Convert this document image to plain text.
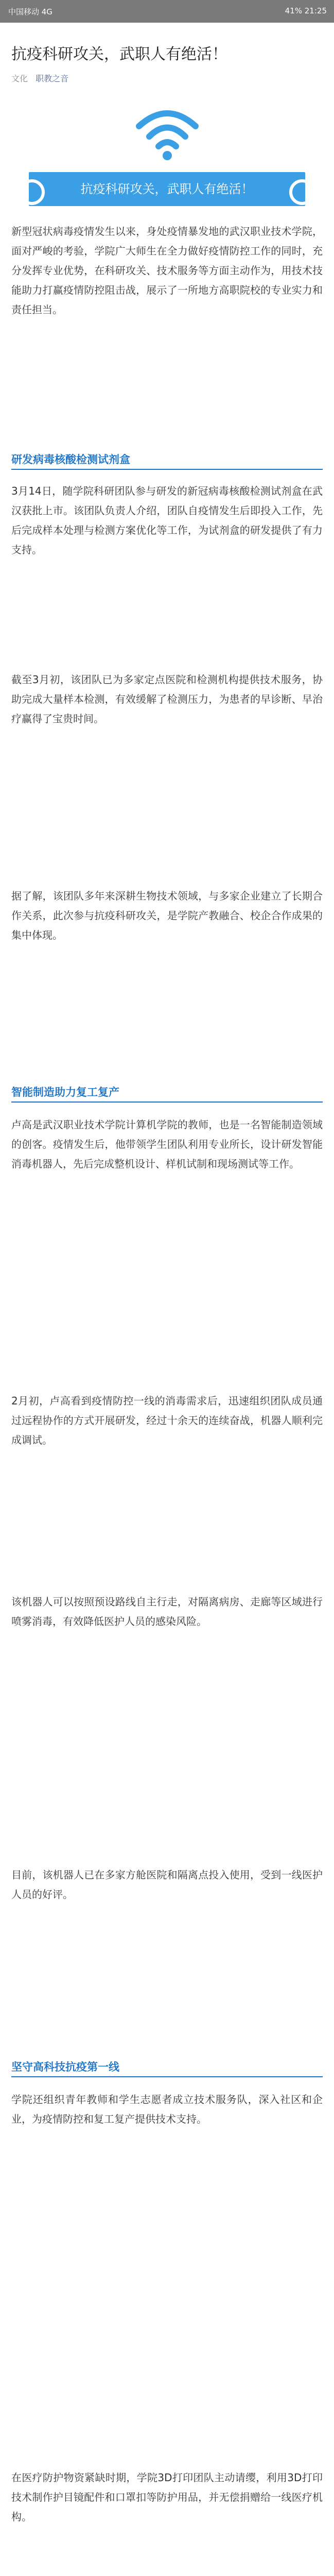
中国移动 4G	41% 21:25
抗疫科研攻关，武职人有绝活！
文化 职教之音
抗疫科研攻关，武职人有绝活！

新型冠状病毒疫情发生以来，身处疫情暴发地的武汉职业技术学院，面对严峻的考验，学院广大师生在全力做好疫情防控工作的同时，充分发挥专业优势，在科研攻关、技术服务等方面主动作为，用技术技能助力打赢疫情防控阻击战，展示了一所地方高职院校的专业实力和责任担当。

研发病毒核酸检测试剂盒

3月14日，随学院科研团队参与研发的新冠病毒核酸检测试剂盒在武汉获批上市。该团队负责人介绍，团队自疫情发生后即投入工作，先后完成样本处理与检测方案优化等工作，为试剂盒的研发提供了有力支持。

截至3月初，该团队已为多家定点医院和检测机构提供技术服务，协助完成大量样本检测，有效缓解了检测压力，为患者的早诊断、早治疗赢得了宝贵时间。

据了解，该团队多年来深耕生物技术领域，与多家企业建立了长期合作关系，此次参与抗疫科研攻关，是学院产教融合、校企合作成果的集中体现。

智能制造助力复工复产

卢高是武汉职业技术学院计算机学院的教师，也是一名智能制造领域的创客。疫情发生后，他带领学生团队利用专业所长，设计研发智能消毒机器人，先后完成整机设计、样机试制和现场测试等工作。

2月初，卢高看到疫情防控一线的消毒需求后，迅速组织团队成员通过远程协作的方式开展研发，经过十余天的连续奋战，机器人顺利完成调试。

该机器人可以按照预设路线自主行走，对隔离病房、走廊等区域进行喷雾消毒，有效降低医护人员的感染风险。

目前，该机器人已在多家方舱医院和隔离点投入使用，受到一线医护人员的好评。

坚守高科技抗疫第一线

学院还组织青年教师和学生志愿者成立技术服务队，深入社区和企业，为疫情防控和复工复产提供技术支持。

在医疗防护物资紧缺时期，学院3D打印团队主动请缨，利用3D打印技术制作护目镜配件和口罩扣等防护用品，并无偿捐赠给一线医疗机构。
